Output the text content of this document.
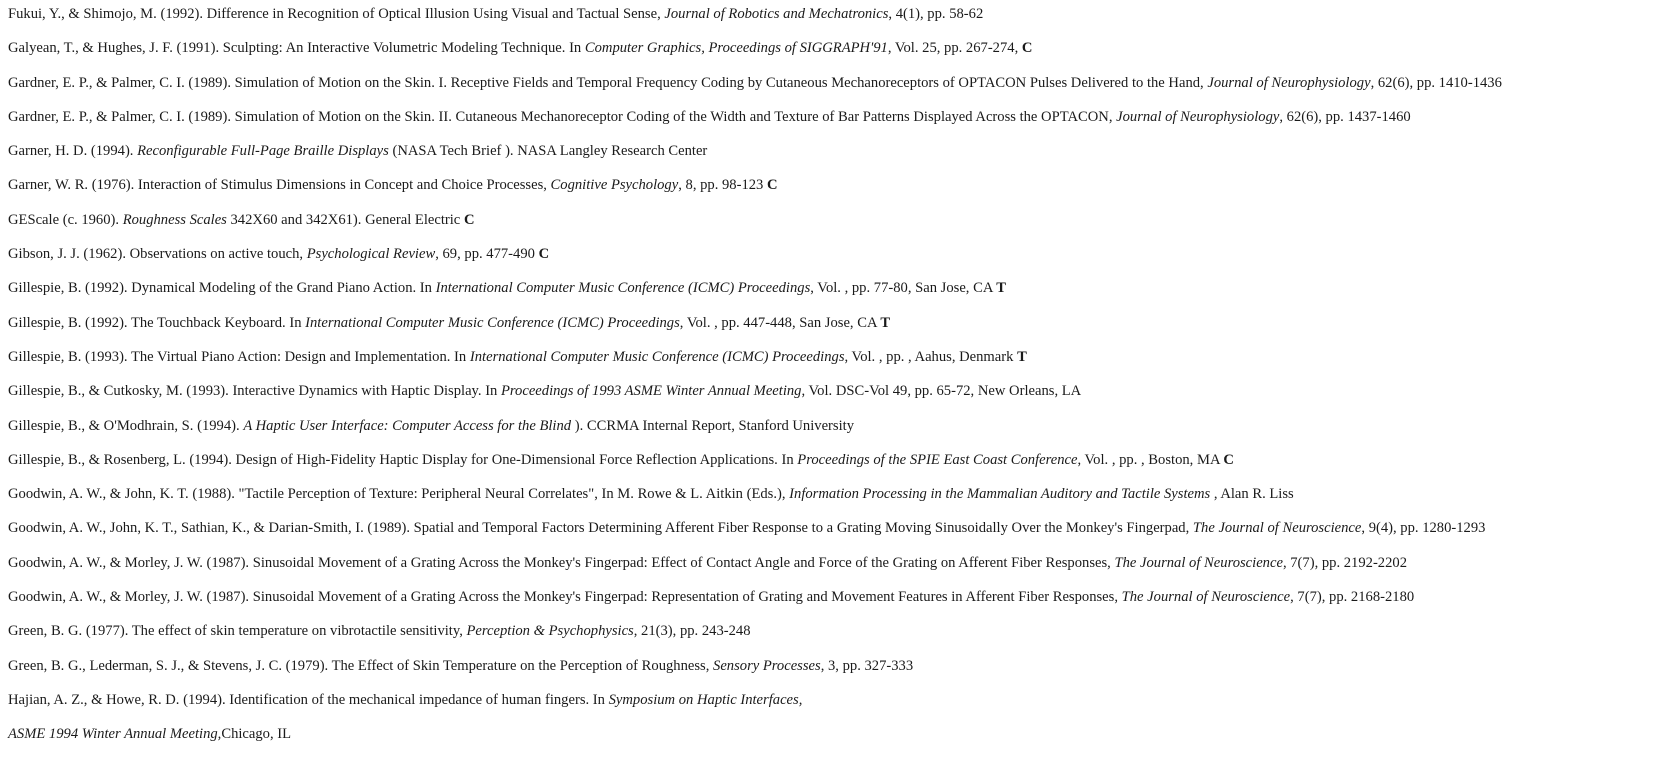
Fukui, Y., & Shimojo, M. (1992). Difference in Recognition of Optical Illusion Using Visual and Tactual Sense, Journal of Robotics and Mechatronics, 4(1), pp. 58-62
Galyean, T., & Hughes, J. F. (1991). Sculpting: An Interactive Volumetric Modeling Technique. In Computer Graphics, Proceedings of SIGGRAPH'91, Vol. 25, pp. 267-274, C
Gardner, E. P., & Palmer, C. I. (1989). Simulation of Motion on the Skin. I. Receptive Fields and Temporal Frequency Coding by Cutaneous Mechanoreceptors of OPTACON Pulses Delivered to the Hand, Journal of Neurophysiology, 62(6), pp. 1410-1436
Gardner, E. P., & Palmer, C. I. (1989). Simulation of Motion on the Skin. II. Cutaneous Mechanoreceptor Coding of the Width and Texture of Bar Patterns Displayed Across the OPTACON, Journal of Neurophysiology, 62(6), pp. 1437-1460
Garner, H. D. (1994). Reconfigurable Full-Page Braille Displays (NASA Tech Brief ). NASA Langley Research Center
Garner, W. R. (1976). Interaction of Stimulus Dimensions in Concept and Choice Processes, Cognitive Psychology, 8, pp. 98-123 C
GEScale (c. 1960). Roughness Scales 342X60 and 342X61). General Electric C
Gibson, J. J. (1962). Observations on active touch, Psychological Review, 69, pp. 477-490 C
Gillespie, B. (1992). Dynamical Modeling of the Grand Piano Action. In International Computer Music Conference (ICMC) Proceedings, Vol. , pp. 77-80, San Jose, CA T
Gillespie, B. (1992). The Touchback Keyboard. In International Computer Music Conference (ICMC) Proceedings, Vol. , pp. 447-448, San Jose, CA T
Gillespie, B. (1993). The Virtual Piano Action: Design and Implementation. In International Computer Music Conference (ICMC) Proceedings, Vol. , pp. , Aahus, Denmark T
Gillespie, B., & Cutkosky, M. (1993). Interactive Dynamics with Haptic Display. In Proceedings of 1993 ASME Winter Annual Meeting, Vol. DSC-Vol 49, pp. 65-72, New Orleans, LA
Gillespie, B., & O'Modhrain, S. (1994). A Haptic User Interface: Computer Access for the Blind ). CCRMA Internal Report, Stanford University
Gillespie, B., & Rosenberg, L. (1994). Design of High-Fidelity Haptic Display for One-Dimensional Force Reflection Applications. In Proceedings of the SPIE East Coast Conference, Vol. , pp. , Boston, MA C
Goodwin, A. W., & John, K. T. (1988). "Tactile Perception of Texture: Peripheral Neural Correlates", In M. Rowe & L. Aitkin (Eds.), Information Processing in the Mammalian Auditory and Tactile Systems , Alan R. Liss
Goodwin, A. W., John, K. T., Sathian, K., & Darian-Smith, I. (1989). Spatial and Temporal Factors Determining Afferent Fiber Response to a Grating Moving Sinusoidally Over the Monkey's Fingerpad, The Journal of Neuroscience, 9(4), pp. 1280-1293
Goodwin, A. W., & Morley, J. W. (1987). Sinusoidal Movement of a Grating Across the Monkey's Fingerpad: Effect of Contact Angle and Force of the Grating on Afferent Fiber Responses, The Journal of Neuroscience, 7(7), pp. 2192-2202
Goodwin, A. W., & Morley, J. W. (1987). Sinusoidal Movement of a Grating Across the Monkey's Fingerpad: Representation of Grating and Movement Features in Afferent Fiber Responses, The Journal of Neuroscience, 7(7), pp. 2168-2180
Green, B. G. (1977). The effect of skin temperature on vibrotactile sensitivity, Perception & Psychophysics, 21(3), pp. 243-248
Green, B. G., Lederman, S. J., & Stevens, J. C. (1979). The Effect of Skin Temperature on the Perception of Roughness, Sensory Processes, 3, pp. 327-333
Hajian, A. Z., & Howe, R. D. (1994). Identification of the mechanical impedance of human fingers. In Symposium on Haptic Interfaces,
ASME 1994 Winter Annual Meeting,Chicago, IL
